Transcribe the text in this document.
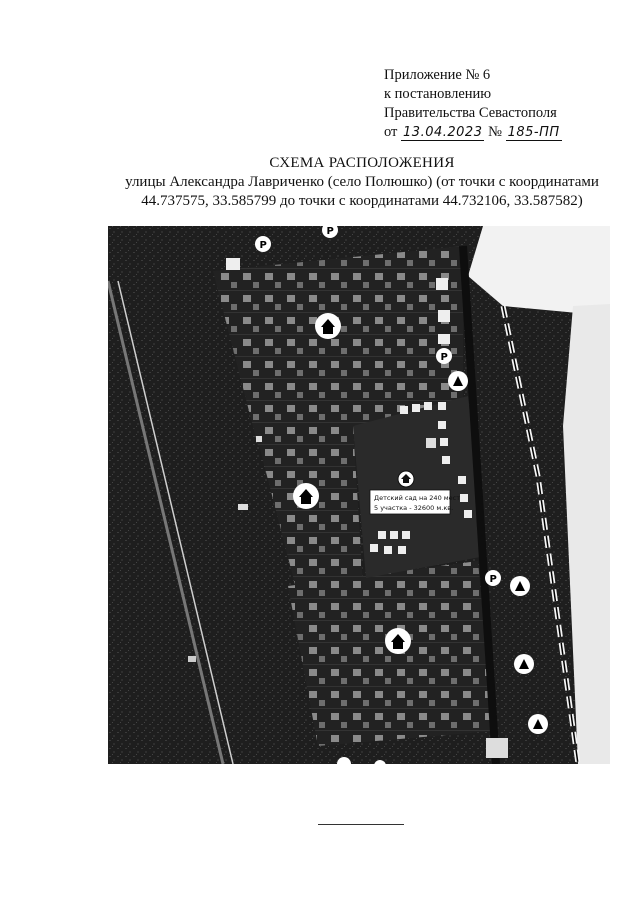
Приложение № 6
к постановлению
Правительства Севастополя
от 13.04.2023 № 185-ПП
СХЕМА РАСПОЛОЖЕНИЯ
улицы Александра Лавриченко (село Полюшко) (от точки с координатами
44.737575, 33.585799 до точки с координатами 44.732106, 33.587582)
Детский сад на 240 мест
5 участка - 32600 м.кв.
P
P
P
P
